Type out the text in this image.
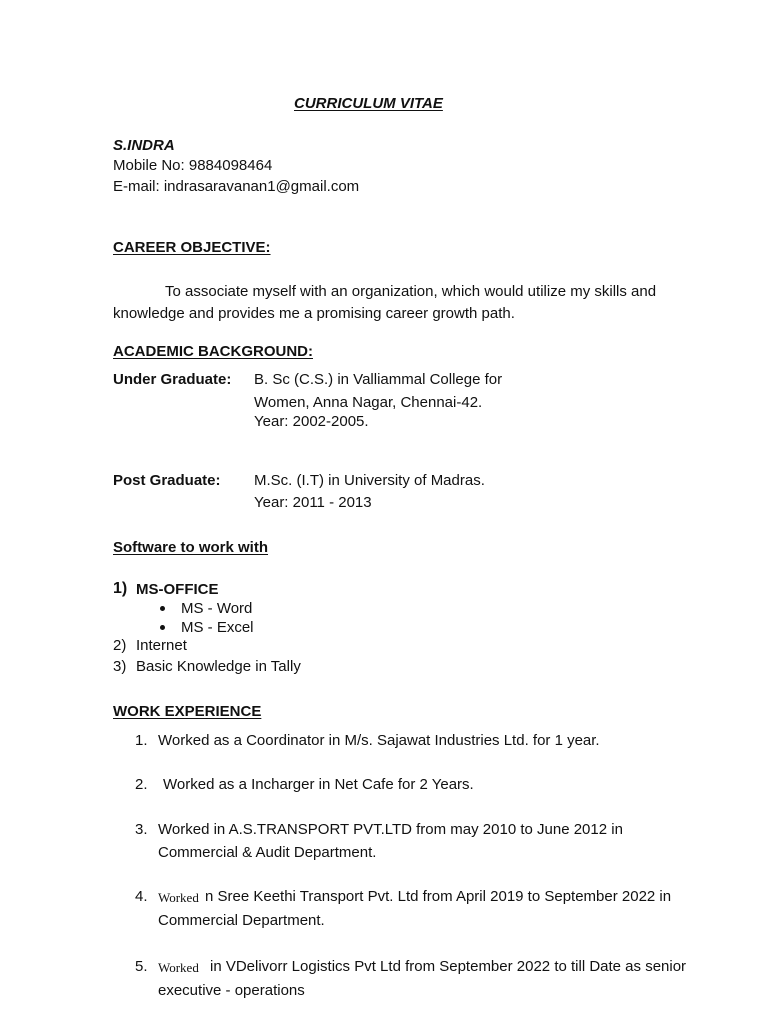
CURRICULUM VITAE
S.INDRA
Mobile No: 9884098464
E-mail: indrasaravanan1@gmail.com
CAREER OBJECTIVE:
To associate myself with an organization, which would utilize my skills and
knowledge and provides me a promising career growth path.
ACADEMIC BACKGROUND:
Under Graduate: B. Sc (C.S.) in Valliammal College for
Women, Anna Nagar, Chennai-42.
Year: 2002-2005.
Post Graduate: M.Sc. (I.T) in University of Madras.
Year: 2011 - 2013
Software to work with
1) MS-OFFICE
MS - Word
MS - Excel
2) Internet
3) Basic Knowledge in Tally
WORK EXPERIENCE
1. Worked as a Coordinator in M/s. Sajawat Industries Ltd. for 1 year.
2. Worked as a Incharger in Net Cafe for 2 Years.
3. Worked in A.S.TRANSPORT PVT.LTD from may 2010 to June 2012 in
Commercial & Audit Department.
4. Worked n Sree Keethi Transport Pvt. Ltd from April 2019 to September 2022 in
Commercial Department.
5. Worked in VDelivorr Logistics Pvt Ltd from September 2022 to till Date as senior
executive - operations
